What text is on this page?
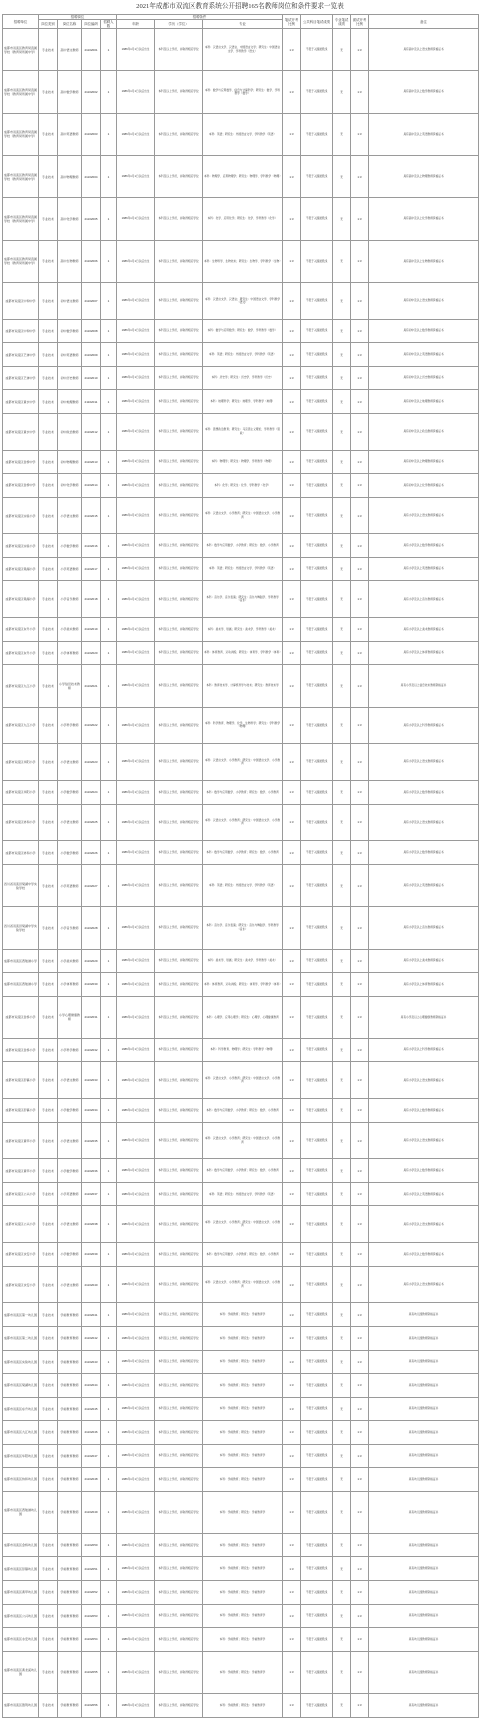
2021年成都市双流区教育系统公开招聘165名教师岗位和条件要求一览表
招聘单位	招聘岗位				招聘条件			笔试开考比例	公共科目笔试成绩	专业笔试成绩	面试开考比例	备注
	岗位类别	岗位名称	岗位编码	招聘人数	年龄	学历（学位）	专业					
成都市双流区教育局直属学校（教育局所属中学）	专业技术	高中语文教师	21102001	1	1986年1月1日以后出生	本科及以上学历，并取得相应学位	本科：汉语言文学、汉语言、中国语言文学；研究生：中国语言文学、学科教学（语文）	1:3	不低于入围最低线	无	1:3	具有高中及以上语文教师资格证书
成都市双流区教育局直属学校（教育局所属中学）	专业技术	高中数学教师	21102002	1	1986年1月1日以后出生	本科及以上学历，并取得相应学位	本科：数学与应用数学、信息与计算科学；研究生：数学、学科教学（数学）	1:3	不低于入围最低线	无	1:3	具有高中及以上数学教师资格证书
成都市双流区教育局直属学校（教育局所属中学）	专业技术	高中英语教师	21102003	1	1986年1月1日以后出生	本科及以上学历，并取得相应学位	本科：英语；研究生：外国语言文学、学科教学（英语）	1:3	不低于入围最低线	无	1:3	具有高中及以上英语教师资格证书
成都市双流区教育局直属学校（教育局所属中学）	专业技术	高中物理教师	21102004	1	1986年1月1日以后出生	本科及以上学历，并取得相应学位	本科：物理学、应用物理学；研究生：物理学、学科教学（物理）	1:3	不低于入围最低线	无	1:3	具有高中及以上物理教师资格证书
成都市双流区教育局直属学校（教育局所属中学）	专业技术	高中化学教师	21102005	1	1986年1月1日以后出生	本科及以上学历，并取得相应学位	本科：化学、应用化学；研究生：化学、学科教学（化学）	1:3	不低于入围最低线	无	1:3	具有高中及以上化学教师资格证书
成都市双流区教育局直属学校（教育局所属中学）	专业技术	高中生物教师	21102006	1	1986年1月1日以后出生	本科及以上学历，并取得相应学位	本科：生物科学、生物技术；研究生：生物学、学科教学（生物）	1:3	不低于入围最低线	无	1:3	具有高中及以上生物教师资格证书
成都市双流区中和中学	专业技术	初中语文教师	21102007	1	1986年1月1日以后出生	本科及以上学历，并取得相应学位	本科：汉语言文学、汉语言；研究生：中国语言文学、学科教学（语文）	1:3	不低于入围最低线	无	1:3	具有初中及以上语文教师资格证书
成都市双流区中和中学	专业技术	初中数学教师	21102008	1	1986年1月1日以后出生	本科及以上学历，并取得相应学位	本科：数学与应用数学；研究生：数学、学科教学（数学）	1:3	不低于入围最低线	无	1:3	具有初中及以上数学教师资格证书
成都市双流区艺体中学	专业技术	初中英语教师	21102009	1	1986年1月1日以后出生	本科及以上学历，并取得相应学位	本科：英语；研究生：外国语言文学、学科教学（英语）	1:3	不低于入围最低线	无	1:3	具有初中及以上英语教师资格证书
成都市双流区艺体中学	专业技术	初中历史教师	21102010	1	1986年1月1日以后出生	本科及以上学历，并取得相应学位	本科：历史学；研究生：历史学、学科教学（历史）	1:3	不低于入围最低线	无	1:3	具有初中及以上历史教师资格证书
成都市双流区黄水中学	专业技术	初中地理教师	21102011	1	1986年1月1日以后出生	本科及以上学历，并取得相应学位	本科：地理科学；研究生：地理学、学科教学（地理）	1:3	不低于入围最低线	无	1:3	具有初中及以上地理教师资格证书
成都市双流区黄水中学	专业技术	初中政治教师	21102012	1	1986年1月1日以后出生	本科及以上学历，并取得相应学位	本科：思想政治教育；研究生：马克思主义理论、学科教学（思政）	1:3	不低于入围最低线	无	1:3	具有初中及以上政治教师资格证书
成都市双流区金桥中学	专业技术	初中物理教师	21102013	1	1986年1月1日以后出生	本科及以上学历，并取得相应学位	本科：物理学；研究生：物理学、学科教学（物理）	1:3	不低于入围最低线	无	1:3	具有初中及以上物理教师资格证书
成都市双流区金桥中学	专业技术	初中化学教师	21102014	1	1986年1月1日以后出生	本科及以上学历，并取得相应学位	本科：化学；研究生：化学、学科教学（化学）	1:3	不低于入围最低线	无	1:3	具有初中及以上化学教师资格证书
成都市双流区实验小学	专业技术	小学语文教师	21102015	1	1986年1月1日以后出生	本科及以上学历，并取得相应学位	本科：汉语言文学、小学教育；研究生：中国语言文学、小学教育	1:3	不低于入围最低线	无	1:3	具有小学及以上语文教师资格证书
成都市双流区实验小学	专业技术	小学数学教师	21102016	1	1986年1月1日以后出生	本科及以上学历，并取得相应学位	本科：数学与应用数学、小学教育；研究生：数学、小学教育	1:3	不低于入围最低线	无	1:3	具有小学及以上数学教师资格证书
成都市双流区棠湖小学	专业技术	小学英语教师	21102017	1	1986年1月1日以后出生	本科及以上学历，并取得相应学位	本科：英语；研究生：外国语言文学、学科教学（英语）	1:3	不低于入围最低线	无	1:3	具有小学及以上英语教师资格证书
成都市双流区棠湖小学	专业技术	小学音乐教师	21102018	1	1986年1月1日以后出生	本科及以上学历，并取得相应学位	本科：音乐学、音乐表演；研究生：音乐与舞蹈学、学科教学（音乐）	1:3	不低于入围最低线	无	1:3	具有小学及以上音乐教师资格证书
成都市双流区东升小学	专业技术	小学美术教师	21102019	1	1986年1月1日以后出生	本科及以上学历，并取得相应学位	本科：美术学、绘画；研究生：美术学、学科教学（美术）	1:3	不低于入围最低线	无	1:3	具有小学及以上美术教师资格证书
成都市双流区东升小学	专业技术	小学体育教师	21102020	1	1986年1月1日以后出生	本科及以上学历，并取得相应学位	本科：体育教育、运动训练；研究生：体育学、学科教学（体育）	1:3	不低于入围最低线	无	1:3	具有小学及以上体育教师资格证书
成都市双流区九江小学	专业技术	小学信息技术教师	21102021	1	1986年1月1日以后出生	本科及以上学历，并取得相应学位	本科：教育技术学、计算机科学与技术；研究生：教育技术学	1:3	不低于入围最低线	无	1:3	具有小学及以上信息技术教师资格证书
成都市双流区九江小学	专业技术	小学科学教师	21102022	1	1986年1月1日以后出生	本科及以上学历，并取得相应学位	本科：科学教育、物理学、化学、生物科学；研究生：学科教学（物理）	1:3	不低于入围最低线	无	1:3	具有小学及以上科学教师资格证书
成都市双流区华阳小学	专业技术	小学语文教师	21102023	1	1986年1月1日以后出生	本科及以上学历，并取得相应学位	本科：汉语言文学、小学教育；研究生：中国语言文学、小学教育	1:3	不低于入围最低线	无	1:3	具有小学及以上语文教师资格证书
成都市双流区华阳小学	专业技术	小学数学教师	21102024	1	1986年1月1日以后出生	本科及以上学历，并取得相应学位	本科：数学与应用数学、小学教育；研究生：数学、小学教育	1:3	不低于入围最低线	无	1:3	具有小学及以上数学教师资格证书
成都市双流区协和小学	专业技术	小学语文教师	21102025	1	1986年1月1日以后出生	本科及以上学历，并取得相应学位	本科：汉语言文学、小学教育；研究生：中国语言文学、小学教育	1:3	不低于入围最低线	无	1:3	具有小学及以上语文教师资格证书
成都市双流区协和小学	专业技术	小学数学教师	21102026	1	1986年1月1日以后出生	本科及以上学历，并取得相应学位	本科：数学与应用数学、小学教育；研究生：数学、小学教育	1:3	不低于入围最低线	无	1:3	具有小学及以上数学教师资格证书
四川省双流县棠湖中学实验学校	专业技术	小学英语教师	21102027	1	1986年1月1日以后出生	本科及以上学历，并取得相应学位	本科：英语；研究生：外国语言文学、学科教学（英语）	1:3	不低于入围最低线	无	1:3	具有小学及以上英语教师资格证书
四川省双流县棠湖中学实验学校	专业技术	小学音乐教师	21102028	1	1986年1月1日以后出生	本科及以上学历，并取得相应学位	本科：音乐学、音乐表演；研究生：音乐与舞蹈学、学科教学（音乐）	1:3	不低于入围最低线	无	1:3	具有小学及以上音乐教师资格证书
成都市双流区西航港小学	专业技术	小学美术教师	21102029	1	1986年1月1日以后出生	本科及以上学历，并取得相应学位	本科：美术学、绘画；研究生：美术学、学科教学（美术）	1:3	不低于入围最低线	无	1:3	具有小学及以上美术教师资格证书
成都市双流区西航港小学	专业技术	小学体育教师	21102030	1	1986年1月1日以后出生	本科及以上学历，并取得相应学位	本科：体育教育、运动训练；研究生：体育学、学科教学（体育）	1:3	不低于入围最低线	无	1:3	具有小学及以上体育教师资格证书
成都市双流区金桥小学	专业技术	小学心理健康教师	21102031	1	1986年1月1日以后出生	本科及以上学历，并取得相应学位	本科：心理学、应用心理学；研究生：心理学、心理健康教育	1:3	不低于入围最低线	无	1:3	具有小学及以上心理健康教师资格证书
成都市双流区金桥小学	专业技术	小学科学教师	21102032	1	1986年1月1日以后出生	本科及以上学历，并取得相应学位	本科：科学教育、物理学；研究生：学科教学（物理）	1:3	不低于入围最低线	无	1:3	具有小学及以上科学教师资格证书
成都市双流区彭镇小学	专业技术	小学语文教师	21102033	1	1986年1月1日以后出生	本科及以上学历，并取得相应学位	本科：汉语言文学、小学教育；研究生：中国语言文学、小学教育	1:3	不低于入围最低线	无	1:3	具有小学及以上语文教师资格证书
成都市双流区彭镇小学	专业技术	小学数学教师	21102034	1	1986年1月1日以后出生	本科及以上学历，并取得相应学位	本科：数学与应用数学、小学教育；研究生：数学、小学教育	1:3	不低于入围最低线	无	1:3	具有小学及以上数学教师资格证书
成都市双流区黄甲小学	专业技术	小学语文教师	21102035	1	1986年1月1日以后出生	本科及以上学历，并取得相应学位	本科：汉语言文学、小学教育；研究生：中国语言文学、小学教育	1:3	不低于入围最低线	无	1:3	具有小学及以上语文教师资格证书
成都市双流区黄甲小学	专业技术	小学数学教师	21102036	1	1986年1月1日以后出生	本科及以上学历，并取得相应学位	本科：数学与应用数学、小学教育；研究生：数学、小学教育	1:3	不低于入围最低线	无	1:3	具有小学及以上数学教师资格证书
成都市双流区公兴小学	专业技术	小学英语教师	21102037	1	1986年1月1日以后出生	本科及以上学历，并取得相应学位	本科：英语；研究生：外国语言文学、学科教学（英语）	1:3	不低于入围最低线	无	1:3	具有小学及以上英语教师资格证书
成都市双流区公兴小学	专业技术	小学语文教师	21102038	1	1986年1月1日以后出生	本科及以上学历，并取得相应学位	本科：汉语言文学、小学教育；研究生：中国语言文学、小学教育	1:3	不低于入围最低线	无	1:3	具有小学及以上语文教师资格证书
成都市双流区永安小学	专业技术	小学数学教师	21102039	1	1986年1月1日以后出生	本科及以上学历，并取得相应学位	本科：数学与应用数学、小学教育；研究生：数学、小学教育	1:3	不低于入围最低线	无	1:3	具有小学及以上数学教师资格证书
成都市双流区永安小学	专业技术	小学语文教师	21102040	1	1986年1月1日以后出生	本科及以上学历，并取得相应学位	本科：汉语言文学、小学教育；研究生：中国语言文学、小学教育	1:3	不低于入围最低线	无	1:3	具有小学及以上语文教师资格证书
成都市双流区第一幼儿园	专业技术	学前教育教师	21102041	1	1986年1月1日以后出生	本科及以上学历，并取得相应学位	本科：学前教育；研究生：学前教育学	1:3	不低于入围最低线	无	1:3	具有幼儿园教师资格证书
成都市双流区第二幼儿园	专业技术	学前教育教师	21102042	1	1986年1月1日以后出生	本科及以上学历，并取得相应学位	本科：学前教育；研究生：学前教育学	1:3	不低于入围最低线	无	1:3	具有幼儿园教师资格证书
成都市双流区实验幼儿园	专业技术	学前教育教师	21102043	1	1986年1月1日以后出生	本科及以上学历，并取得相应学位	本科：学前教育；研究生：学前教育学	1:3	不低于入围最低线	无	1:3	具有幼儿园教师资格证书
成都市双流区棠湖幼儿园	专业技术	学前教育教师	21102044	1	1986年1月1日以后出生	本科及以上学历，并取得相应学位	本科：学前教育；研究生：学前教育学	1:3	不低于入围最低线	无	1:3	具有幼儿园教师资格证书
成都市双流区东升幼儿园	专业技术	学前教育教师	21102045	1	1986年1月1日以后出生	本科及以上学历，并取得相应学位	本科：学前教育；研究生：学前教育学	1:3	不低于入围最低线	无	1:3	具有幼儿园教师资格证书
成都市双流区九江幼儿园	专业技术	学前教育教师	21102046	1	1986年1月1日以后出生	本科及以上学历，并取得相应学位	本科：学前教育；研究生：学前教育学	1:3	不低于入围最低线	无	1:3	具有幼儿园教师资格证书
成都市双流区华阳幼儿园	专业技术	学前教育教师	21102047	1	1986年1月1日以后出生	本科及以上学历，并取得相应学位	本科：学前教育；研究生：学前教育学	1:3	不低于入围最低线	无	1:3	具有幼儿园教师资格证书
成都市双流区协和幼儿园	专业技术	学前教育教师	21102048	1	1986年1月1日以后出生	本科及以上学历，并取得相应学位	本科：学前教育；研究生：学前教育学	1:3	不低于入围最低线	无	1:3	具有幼儿园教师资格证书
成都市双流区西航港幼儿园	专业技术	学前教育教师	21102049	1	1986年1月1日以后出生	本科及以上学历，并取得相应学位	本科：学前教育；研究生：学前教育学	1:3	不低于入围最低线	无	1:3	具有幼儿园教师资格证书
成都市双流区金桥幼儿园	专业技术	学前教育教师	21102050	1	1986年1月1日以后出生	本科及以上学历，并取得相应学位	本科：学前教育；研究生：学前教育学	1:3	不低于入围最低线	无	1:3	具有幼儿园教师资格证书
成都市双流区彭镇幼儿园	专业技术	学前教育教师	21102051	1	1986年1月1日以后出生	本科及以上学历，并取得相应学位	本科：学前教育；研究生：学前教育学	1:3	不低于入围最低线	无	1:3	具有幼儿园教师资格证书
成都市双流区黄甲幼儿园	专业技术	学前教育教师	21102052	1	1986年1月1日以后出生	本科及以上学历，并取得相应学位	本科：学前教育；研究生：学前教育学	1:3	不低于入围最低线	无	1:3	具有幼儿园教师资格证书
成都市双流区公兴幼儿园	专业技术	学前教育教师	21102053	1	1986年1月1日以后出生	本科及以上学历，并取得相应学位	本科：学前教育；研究生：学前教育学	1:3	不低于入围最低线	无	1:3	具有幼儿园教师资格证书
成都市双流区永安幼儿园	专业技术	学前教育教师	21102054	1	1986年1月1日以后出生	本科及以上学历，并取得相应学位	本科：学前教育；研究生：学前教育学	1:3	不低于入围最低线	无	1:3	具有幼儿园教师资格证书
成都市双流区黄龙溪幼儿园	专业技术	学前教育教师	21102055	1	1986年1月1日以后出生	本科及以上学历，并取得相应学位	本科：学前教育；研究生：学前教育学	1:3	不低于入围最低线	无	1:3	具有幼儿园教师资格证书
成都市双流区胜利幼儿园	专业技术	学前教育教师	21102056	1	1986年1月1日以后出生	本科及以上学历，并取得相应学位	本科：学前教育；研究生：学前教育学	1:3	不低于入围最低线	无	1:3	具有幼儿园教师资格证书
